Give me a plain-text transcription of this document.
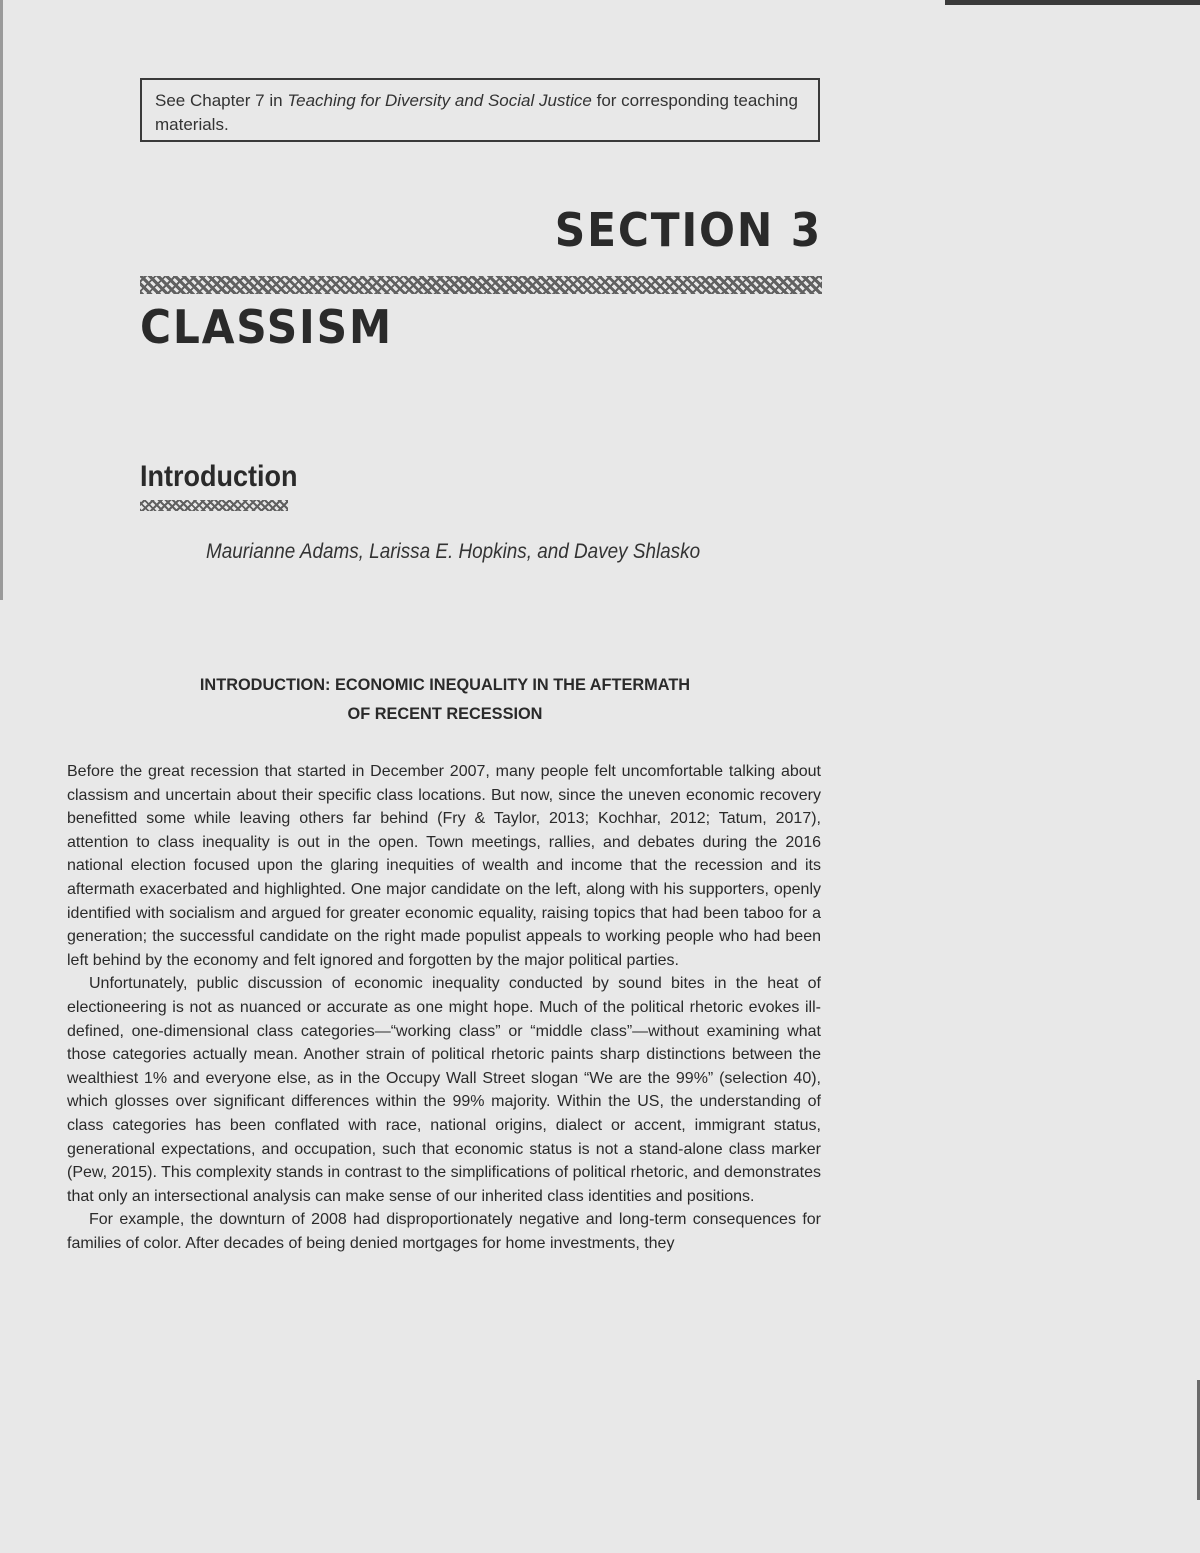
See Chapter 7 in Teaching for Diversity and Social Justice for corresponding teaching materials.
SECTION 3
CLASSISM
Introduction
Maurianne Adams, Larissa E. Hopkins, and Davey Shlasko
INTRODUCTION: ECONOMIC INEQUALITY IN THE AFTERMATH
OF RECENT RECESSION

Before the great recession that started in December 2007, many people felt uncomfortable talking about classism and uncertain about their specific class locations. But now, since the uneven economic recovery benefitted some while leaving others far behind (Fry & Taylor, 2013; Kochhar, 2012; Tatum, 2017), attention to class inequality is out in the open. Town meetings, rallies, and debates during the 2016 national election focused upon the glaring inequities of wealth and income that the recession and its aftermath exacerbated and highlighted. One major candidate on the left, along with his supporters, openly identified with socialism and argued for greater economic equality, raising topics that had been taboo for a generation; the successful candidate on the right made populist appeals to working people who had been left behind by the economy and felt ignored and forgotten by the major political parties.

Unfortunately, public discussion of economic inequality conducted by sound bites in the heat of electioneering is not as nuanced or accurate as one might hope. Much of the political rhetoric evokes ill-defined, one-dimensional class categories—“working class” or “middle class”—without examining what those categories actually mean. Another strain of political rhetoric paints sharp distinctions between the wealthiest 1% and everyone else, as in the Occupy Wall Street slogan “We are the 99%” (selection 40), which glosses over significant differences within the 99% majority. Within the US, the understanding of class categories has been conflated with race, national origins, dialect or accent, immigrant status, generational expectations, and occupation, such that economic status is not a stand-alone class marker (Pew, 2015). This complexity stands in contrast to the simplifications of political rhetoric, and demonstrates that only an intersectional analysis can make sense of our inherited class identities and positions.

For example, the downturn of 2008 had disproportionately negative and long-term consequences for families of color. After decades of being denied mortgages for home investments, they
